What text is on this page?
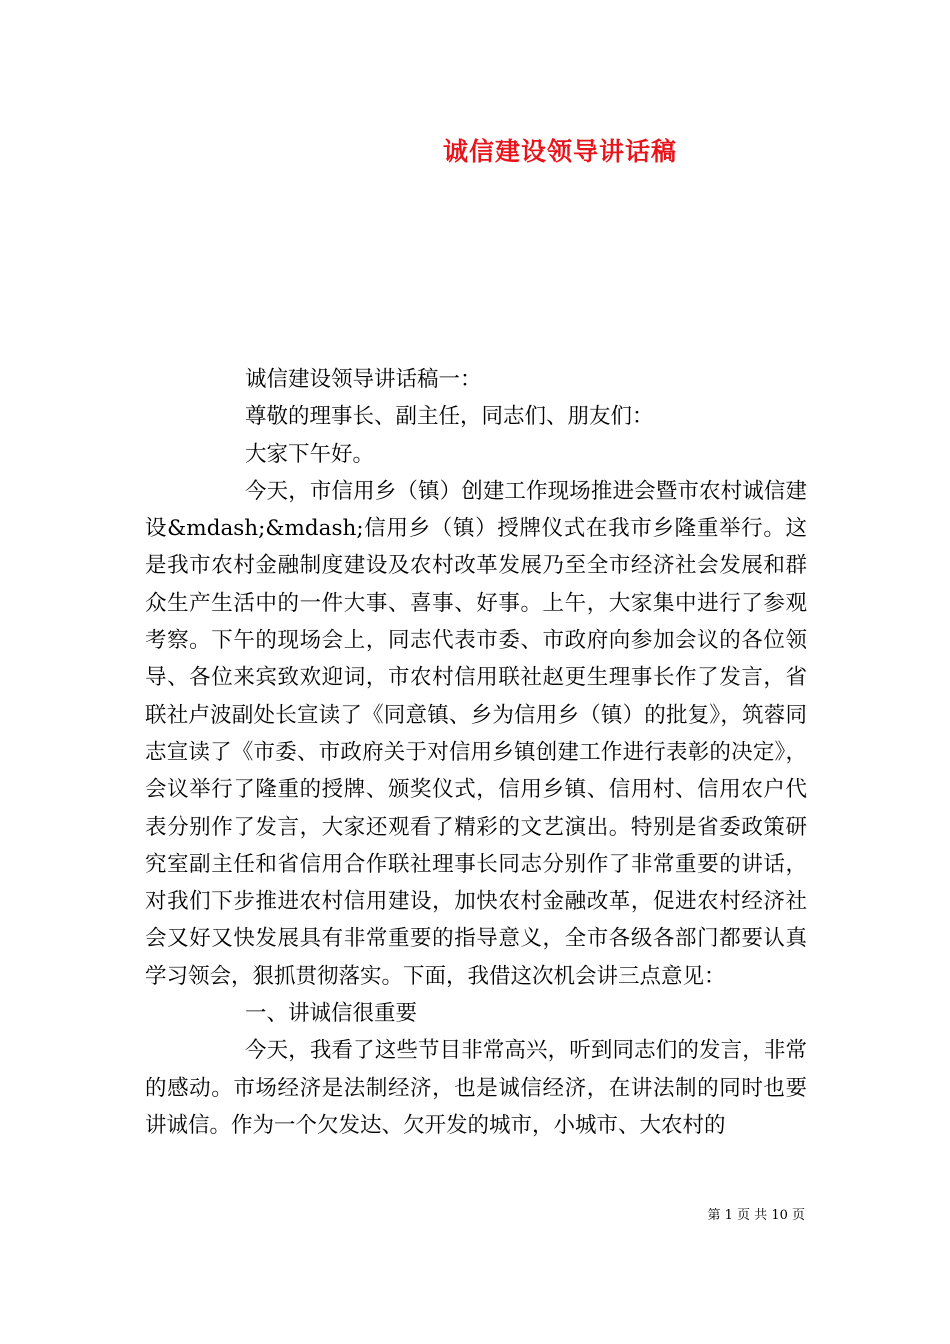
诚信建设领导讲话稿

诚信建设领导讲话稿一：

尊敬的理事长、副主任，同志们、朋友们：

大家下午好。

今天，市信用乡（镇）创建工作现场推进会暨市农村诚信建设&mdash;&mdash;信用乡（镇）授牌仪式在我市乡隆重举行。这是我市农村金融制度建设及农村改革发展乃至全市经济社会发展和群众生产生活中的一件大事、喜事、好事。上午，大家集中进行了参观考察。下午的现场会上，同志代表市委、市政府向参加会议的各位领导、各位来宾致欢迎词，市农村信用联社赵更生理事长作了发言，省联社卢波副处长宣读了《同意镇、乡为信用乡（镇）的批复》，筑蓉同志宣读了《市委、市政府关于对信用乡镇创建工作进行表彰的决定》，会议举行了隆重的授牌、颁奖仪式，信用乡镇、信用村、信用农户代表分别作了发言，大家还观看了精彩的文艺演出。特别是省委政策研究室副主任和省信用合作联社理事长同志分别作了非常重要的讲话，对我们下步推进农村信用建设，加快农村金融改革，促进农村经济社会又好又快发展具有非常重要的指导意义，全市各级各部门都要认真学习领会，狠抓贯彻落实。下面，我借这次机会讲三点意见：

一、讲诚信很重要

今天，我看了这些节目非常高兴，听到同志们的发言，非常的感动。市场经济是法制经济，也是诚信经济，在讲法制的同时也要讲诚信。作为一个欠发达、欠开发的城市，小城市、大农村的

第 1 页 共 10 页
